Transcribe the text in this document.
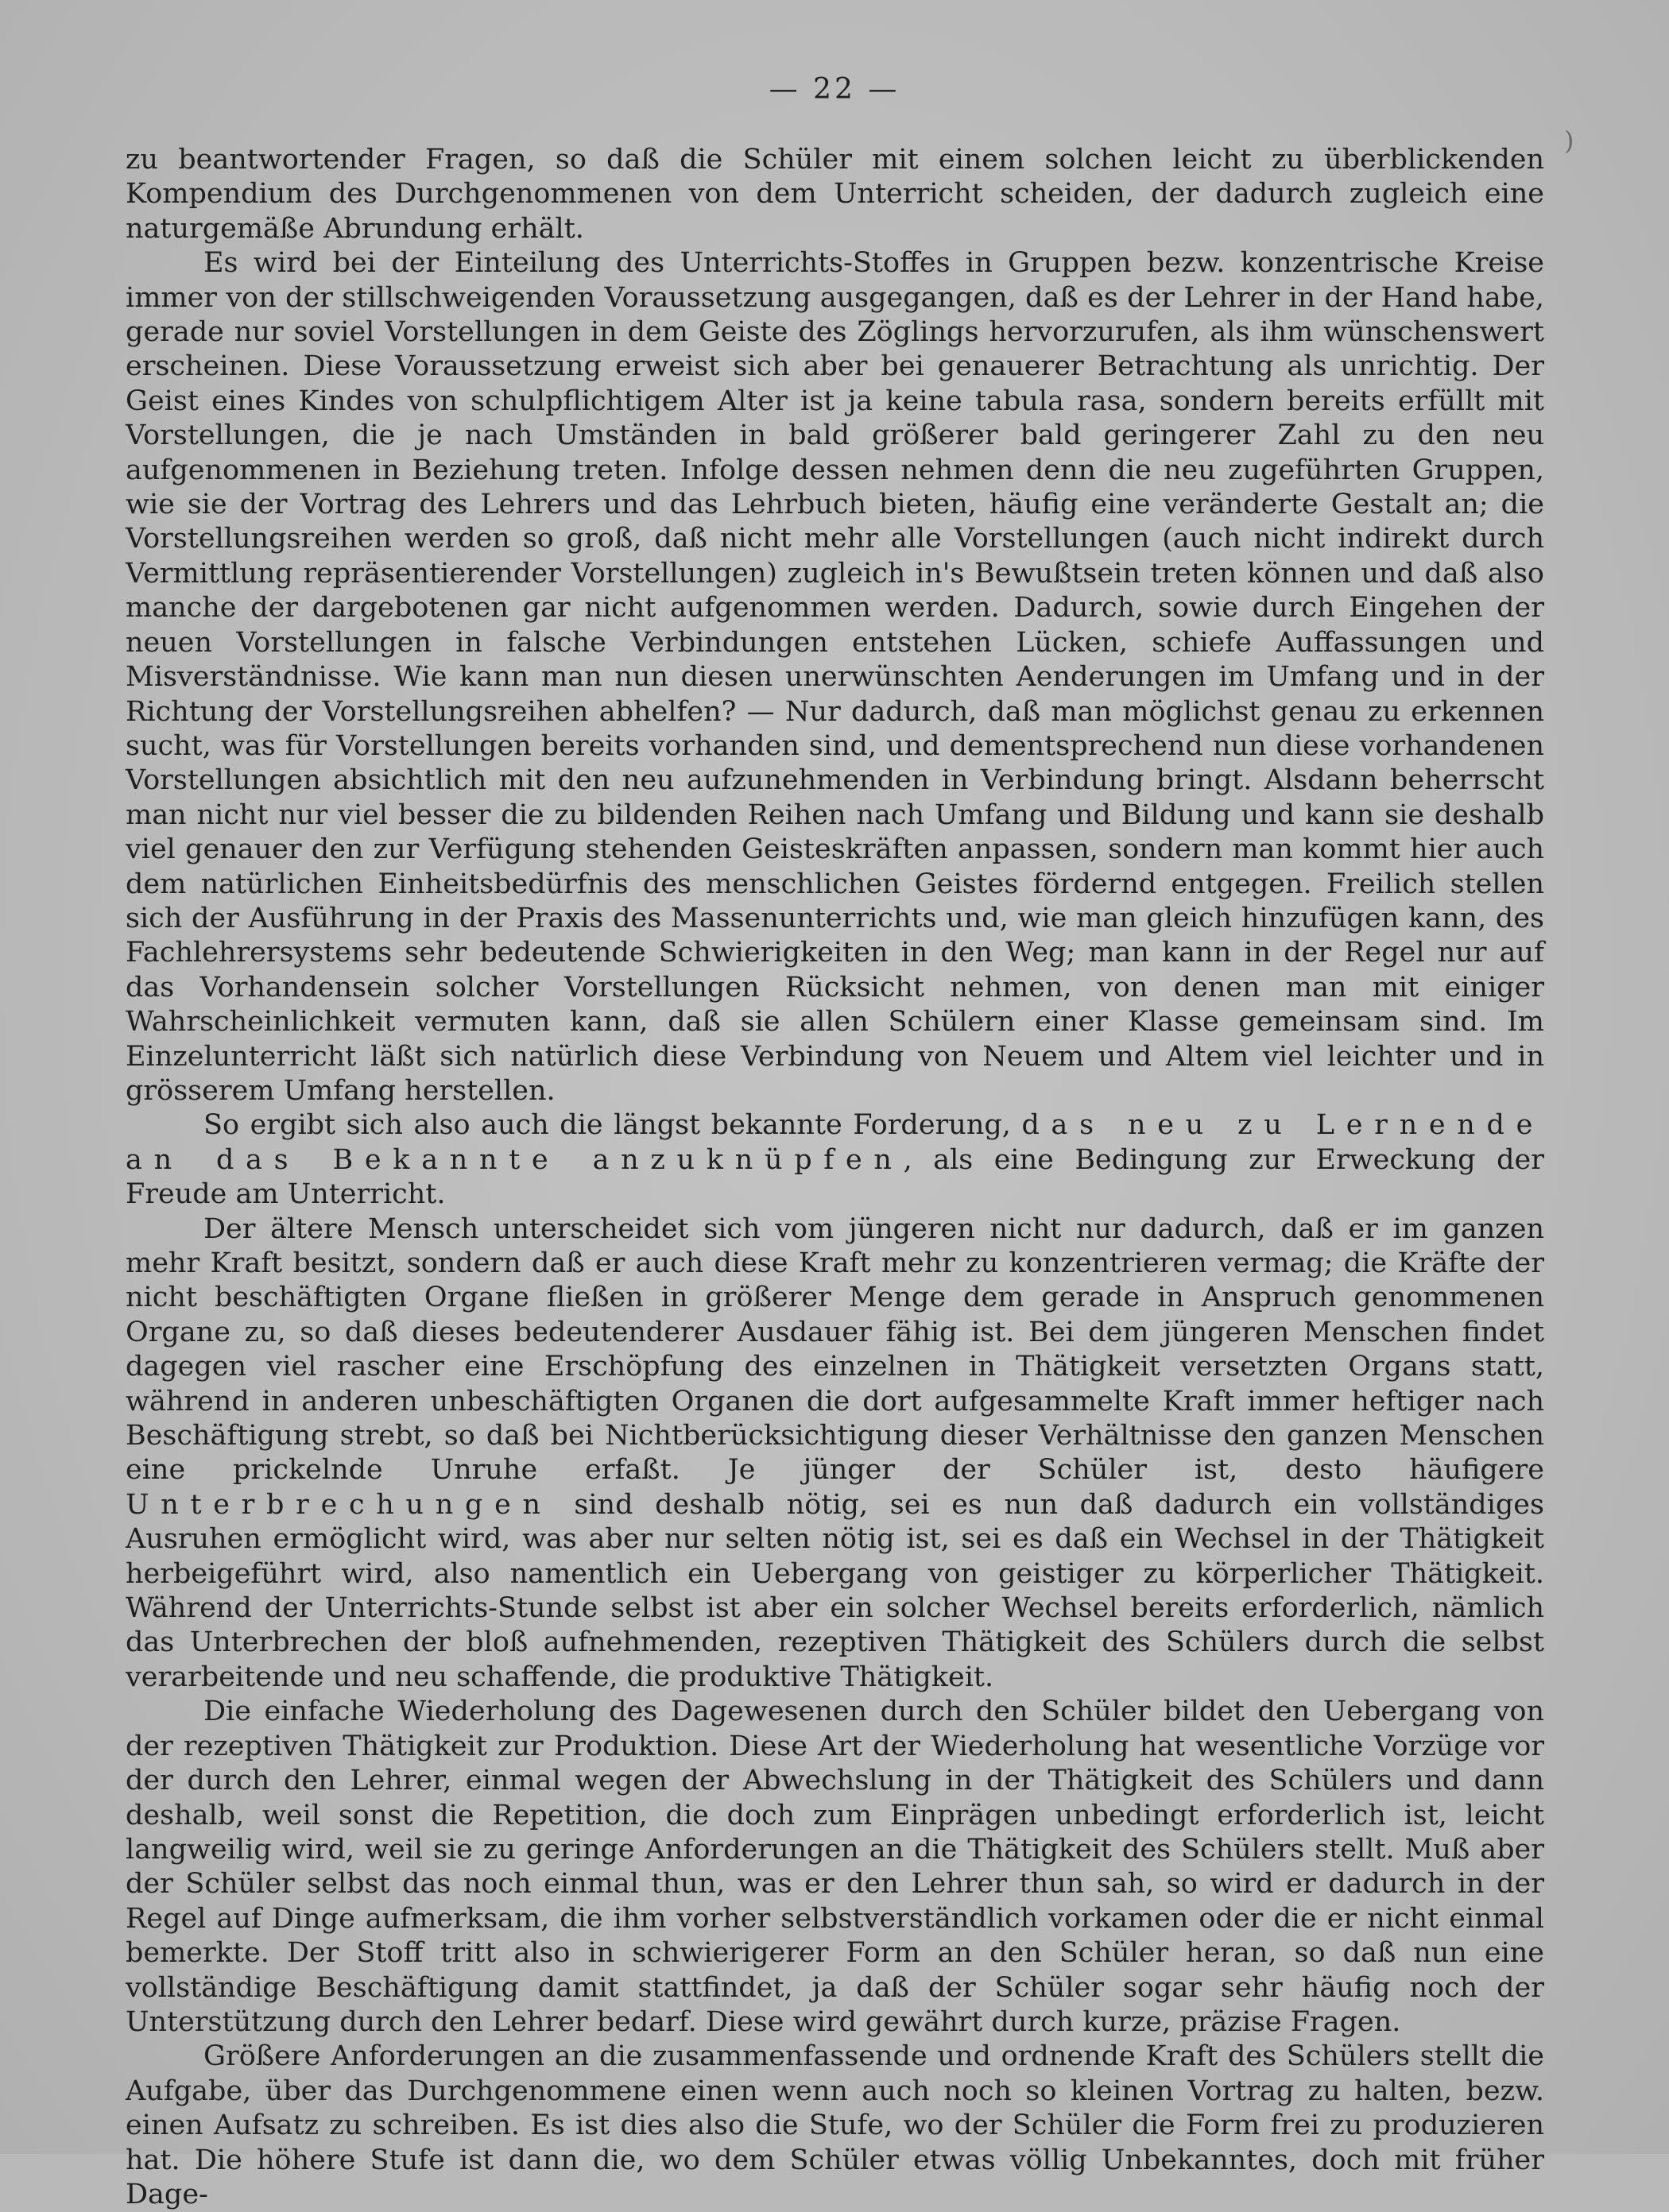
— 22 —
)

zu beantwortender Fragen, so daß die Schüler mit einem solchen leicht zu überblickenden Kompendium des Durchgenommenen von dem Unterricht scheiden, der dadurch zugleich eine naturgemäße Abrundung erhält.

Es wird bei der Einteilung des Unterrichts-Stoffes in Gruppen bezw. konzentrische Kreise immer von der stillschweigenden Voraussetzung ausgegangen, daß es der Lehrer in der Hand habe, gerade nur soviel Vorstellungen in dem Geiste des Zöglings hervorzurufen, als ihm wünschenswert erscheinen. Diese Voraussetzung erweist sich aber bei genauerer Betrachtung als unrichtig. Der Geist eines Kindes von schulpflichtigem Alter ist ja keine tabula rasa, sondern bereits erfüllt mit Vorstellungen, die je nach Umständen in bald größerer bald geringerer Zahl zu den neu aufgenommenen in Beziehung treten. Infolge dessen nehmen denn die neu zugeführten Gruppen, wie sie der Vortrag des Lehrers und das Lehrbuch bieten, häufig eine veränderte Gestalt an; die Vorstellungsreihen werden so groß, daß nicht mehr alle Vorstellungen (auch nicht indirekt durch Vermittlung repräsentierender Vorstellungen) zugleich in's Bewußtsein treten können und daß also manche der dargebotenen gar nicht aufgenommen werden. Dadurch, sowie durch Eingehen der neuen Vorstellungen in falsche Verbindungen entstehen Lücken, schiefe Auffassungen und Misverständnisse. Wie kann man nun diesen unerwünschten Aenderungen im Umfang und in der Richtung der Vorstellungsreihen abhelfen? — Nur dadurch, daß man möglichst genau zu erkennen sucht, was für Vorstellungen bereits vorhanden sind, und dementsprechend nun diese vorhandenen Vorstellungen absichtlich mit den neu aufzunehmenden in Verbindung bringt. Alsdann beherrscht man nicht nur viel besser die zu bildenden Reihen nach Umfang und Bildung und kann sie deshalb viel genauer den zur Verfügung stehenden Geisteskräften anpassen, sondern man kommt hier auch dem natürlichen Einheitsbedürfnis des menschlichen Geistes fördernd entgegen. Freilich stellen sich der Ausführung in der Praxis des Massenunterrichts und, wie man gleich hinzufügen kann, des Fachlehrersystems sehr bedeutende Schwierigkeiten in den Weg; man kann in der Regel nur auf das Vorhandensein solcher Vorstellungen Rücksicht nehmen, von denen man mit einiger Wahrscheinlichkeit vermuten kann, daß sie allen Schülern einer Klasse gemeinsam sind. Im Einzelunterricht läßt sich natürlich diese Verbindung von Neuem und Altem viel leichter und in grösserem Umfang herstellen.

So ergibt sich also auch die längst bekannte Forderung, das neu zu Lernende an das Bekannte anzuknüpfen, als eine Bedingung zur Erweckung der Freude am Unterricht.

Der ältere Mensch unterscheidet sich vom jüngeren nicht nur dadurch, daß er im ganzen mehr Kraft besitzt, sondern daß er auch diese Kraft mehr zu konzentrieren vermag; die Kräfte der nicht beschäftigten Organe fließen in größerer Menge dem gerade in Anspruch genommenen Organe zu, so daß dieses bedeutenderer Ausdauer fähig ist. Bei dem jüngeren Menschen findet dagegen viel rascher eine Erschöpfung des einzelnen in Thätigkeit versetzten Organs statt, während in anderen unbeschäftigten Organen die dort aufgesammelte Kraft immer heftiger nach Beschäftigung strebt, so daß bei Nichtberücksichtigung dieser Verhältnisse den ganzen Menschen eine prickelnde Unruhe erfaßt. Je jünger der Schüler ist, desto häufigere Unterbrechungen sind deshalb nötig, sei es nun daß dadurch ein vollständiges Ausruhen ermöglicht wird, was aber nur selten nötig ist, sei es daß ein Wechsel in der Thätigkeit herbeigeführt wird, also namentlich ein Uebergang von geistiger zu körperlicher Thätigkeit. Während der Unterrichts-Stunde selbst ist aber ein solcher Wechsel bereits erforderlich, nämlich das Unterbrechen der bloß aufnehmenden, rezeptiven Thätigkeit des Schülers durch die selbst verarbeitende und neu schaffende, die produktive Thätigkeit.

Die einfache Wiederholung des Dagewesenen durch den Schüler bildet den Uebergang von der rezeptiven Thätigkeit zur Produktion. Diese Art der Wiederholung hat wesentliche Vorzüge vor der durch den Lehrer, einmal wegen der Abwechslung in der Thätigkeit des Schülers und dann deshalb, weil sonst die Repetition, die doch zum Einprägen unbedingt erforderlich ist, leicht langweilig wird, weil sie zu geringe Anforderungen an die Thätigkeit des Schülers stellt. Muß aber der Schüler selbst das noch einmal thun, was er den Lehrer thun sah, so wird er dadurch in der Regel auf Dinge aufmerksam, die ihm vorher selbstverständlich vorkamen oder die er nicht einmal bemerkte. Der Stoff tritt also in schwierigerer Form an den Schüler heran, so daß nun eine vollständige Beschäftigung damit stattfindet, ja daß der Schüler sogar sehr häufig noch der Unterstützung durch den Lehrer bedarf. Diese wird gewährt durch kurze, präzise Fragen.

Größere Anforderungen an die zusammenfassende und ordnende Kraft des Schülers stellt die Aufgabe, über das Durchgenommene einen wenn auch noch so kleinen Vortrag zu halten, bezw. einen Aufsatz zu schreiben. Es ist dies also die Stufe, wo der Schüler die Form frei zu produzieren hat. Die höhere Stufe ist dann die, wo dem Schüler etwas völlig Unbekanntes, doch mit früher Dage-
